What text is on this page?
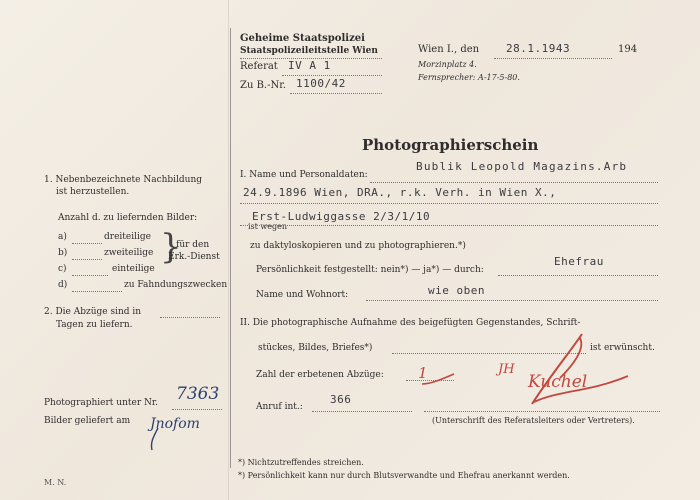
Geheime Staatspolizei
Staatspolizeileitstelle Wien
Referat IV A 1
Zu B.-Nr. 1100/42
Wien I., den 28.1.1943	194
Morzinplatz 4.
Fernsprecher: A-17-5-80.
Photographierschein
1. Nebenbezeichnete Nachbildung
ist herzustellen.
Anzahl d. zu liefernden Bilder:
a)	dreiteilige
b)	zweiteilige
c)	einteilige
d)	zu Fahndungszwecken
}
für den
Erk.-Dienst
2. Die Abzüge sind in
Tagen zu liefern.
Photographiert unter Nr. 7363
Bilder geliefert am Jnofom
M. N.
I. Name und Personaldaten:
Bublik Leopold Magazins.Arb
24.9.1896 Wien, DRA., r.k. Verh. in Wien X.,
Erst-Ludwiggasse 2/3/1/10
ist wegen
zu daktyloskopieren und zu photographieren.*)
Persönlichkeit festgestellt: nein*) — ja*) — durch:
Ehefrau
Name und Wohnort:	wie oben
II. Die photographische Aufnahme des beigefügten Gegenstandes, Schrift-
stückes, Bildes, Briefes*)	ist erwünscht.
Zahl der erbetenen Abzüge: 1	JH
Anruf int.:
366
Kuchel
(Unterschrift des Referatsleiters oder Vertreters).
*) Nichtzutreffendes streichen.
*) Persönlichkeit kann nur durch Blutsverwandte und Ehefrau anerkannt werden.
